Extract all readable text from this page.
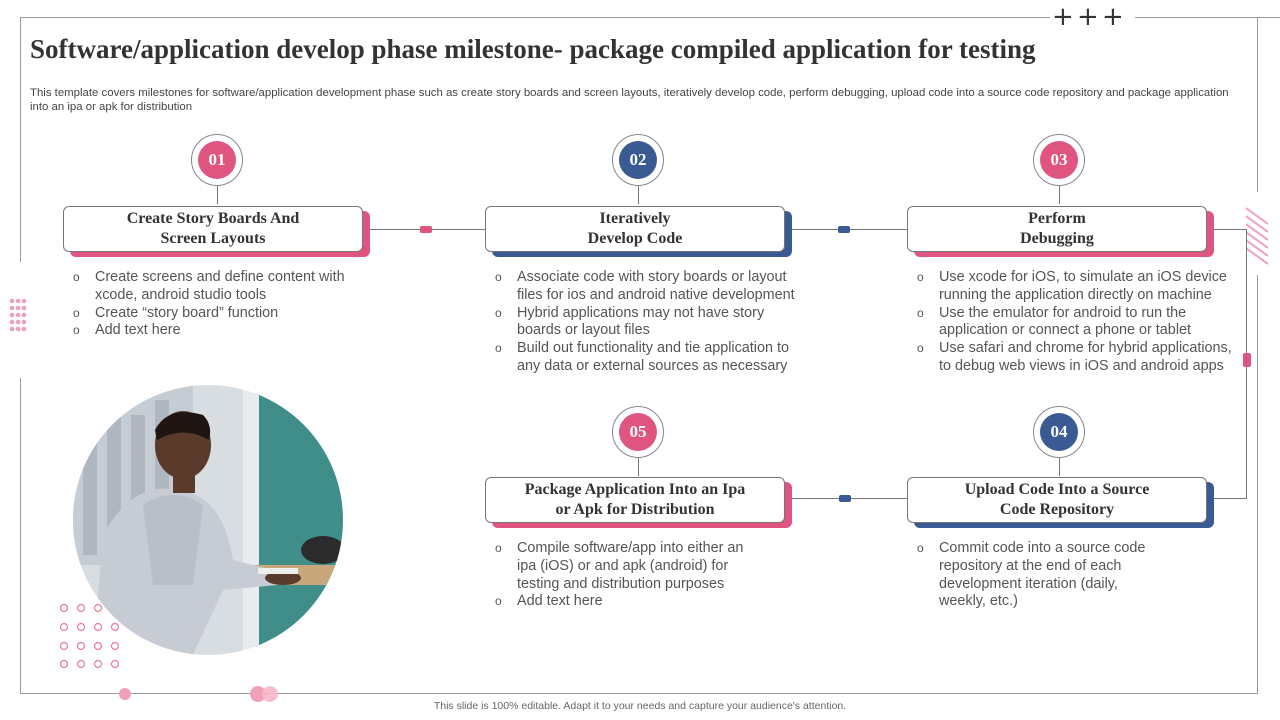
+ + +
Software/application develop phase milestone- package compiled application for testing

This template covers milestones for software/application development phase such as create story boards and screen layouts, iteratively develop code, perform debugging, upload code into a source code repository and package application into an ipa or apk for distribution

01
Create Story Boards And
Screen Layouts
o Create screens and define content with xcode, android studio tools
o Create “story board” function
o Add text here
02
Iteratively
Develop Code
o Associate code with story boards or layout files for ios and android native development
o Hybrid applications may not have story boards or layout files
o Build out functionality and tie application to any data or external sources as necessary
03
Perform
Debugging
o Use xcode for iOS, to simulate an iOS device running the application directly on machine
o Use the emulator for android to run the application or connect a phone or tablet
o Use safari and chrome for hybrid applications, to debug web views in iOS and android apps
04
Upload Code Into a Source
Code Repository
o Commit code into a source code repository at the end of each development iteration (daily, weekly, etc.)
05
Package Application Into an Ipa
or Apk for Distribution
o Compile software/app into either an ipa (iOS) or and apk (android) for testing and distribution purposes
o Add text here
This slide is 100% editable. Adapt it to your needs and capture your audience's attention.
